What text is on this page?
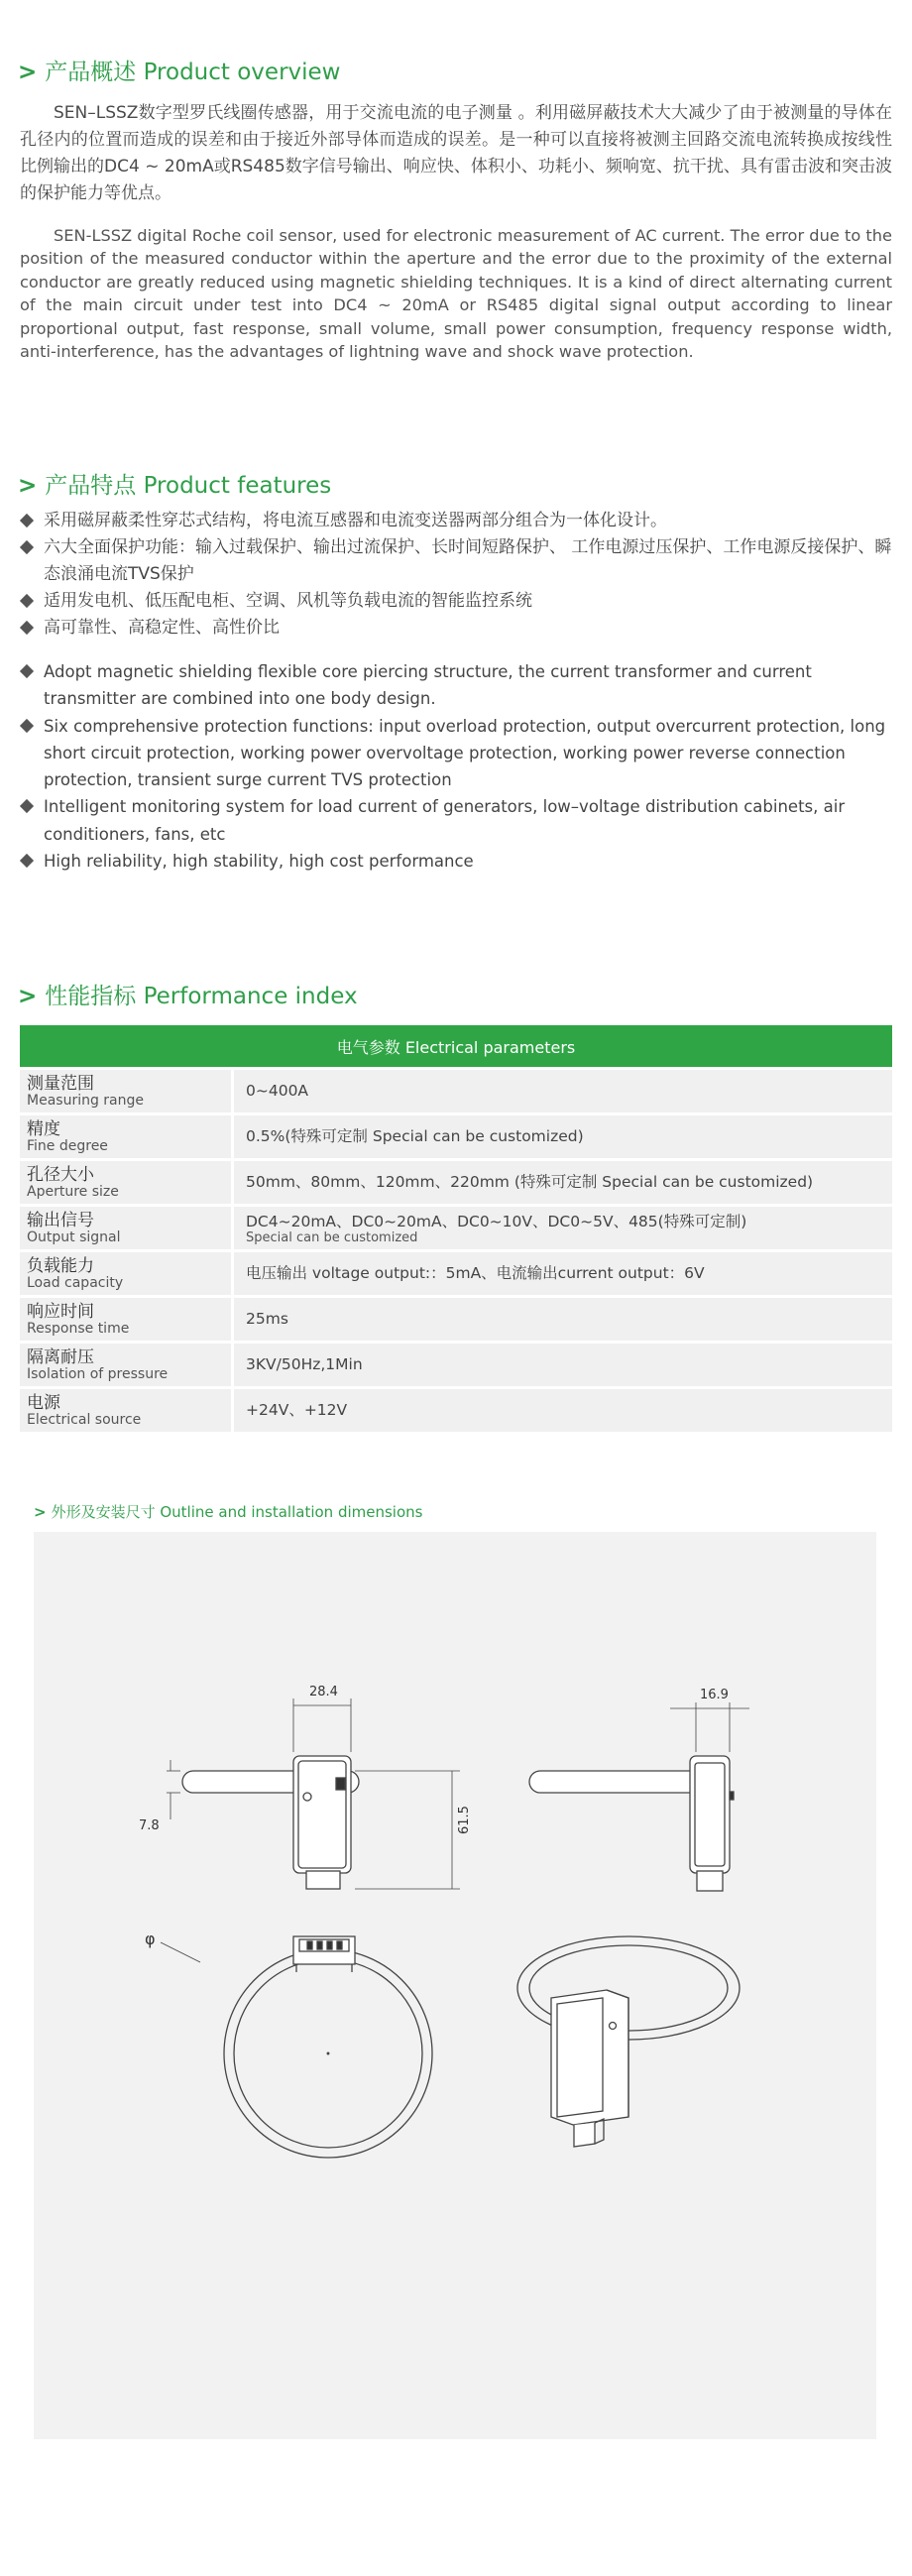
> 产品概述 Product overview
SEN–LSSZ数字型罗氏线圈传感器，用于交流电流的电子测量 。利用磁屏蔽技术大大减少了由于被测量的导体在孔径内的位置而造成的误差和由于接近外部导体而造成的误差。是一种可以直接将被测主回路交流电流转换成按线性比例输出的DC4 ~ 20mA或RS485数字信号输出、响应快、体积小、功耗小、频响宽、抗干扰、具有雷击波和突击波的保护能力等优点。
SEN-LSSZ digital Roche coil sensor, used for electronic measurement of AC current. The error due to the position of the measured conductor within the aperture and the error due to the proximity of the external conductor are greatly reduced using magnetic shielding techniques. It is a kind of direct alternating current of the main circuit under test into DC4 ~ 20mA or RS485 digital signal output according to linear proportional output, fast response, small volume, small power consumption, frequency response width, anti-interference, has the advantages of lightning wave and shock wave protection.
> 产品特点 Product features
采用磁屏蔽柔性穿芯式结构，将电流互感器和电流变送器两部分组合为一体化设计。
六大全面保护功能：输入过载保护、输出过流保护、长时间短路保护、 工作电源过压保护、工作电源反接保护、瞬态浪涌电流TVS保护
适用发电机、低压配电柜、空调、风机等负载电流的智能监控系统
高可靠性、高稳定性、高性价比
Adopt magnetic shielding flexible core piercing structure, the current transformer and current transmitter are combined into one body design.
Six comprehensive protection functions: input overload protection, output overcurrent protection, long short circuit protection, working power overvoltage protection, working power reverse connection protection, transient surge current TVS protection
Intelligent monitoring system for load current of generators, low–voltage distribution cabinets, air conditioners, fans, etc
High reliability, high stability, high cost performance
> 性能指标 Performance index
电气参数 Electrical parameters	

测量范围
Measuring range	0~400A

精度
Fine degree	0.5%(特殊可定制 Special can be customized)

孔径大小
Aperture size	50mm、80mm、120mm、220mm (特殊可定制 Special can be customized)

输出信号
Output signal	DC4~20mA、DC0~20mA、DC0~10V、DC0~5V、485(特殊可定制)
Special can be customized

负载能力
Load capacity	电压输出 voltage output:：5mA、电流输出current output：6V

响应时间
Response time	25ms

隔离耐压
Isolation of pressure	3KV/50Hz,1Min

电源
Electrical source	+24V、+12V
> 外形及安装尺寸 Outline and installation dimensions
28.4
61.5
7.8
16.9
φ
